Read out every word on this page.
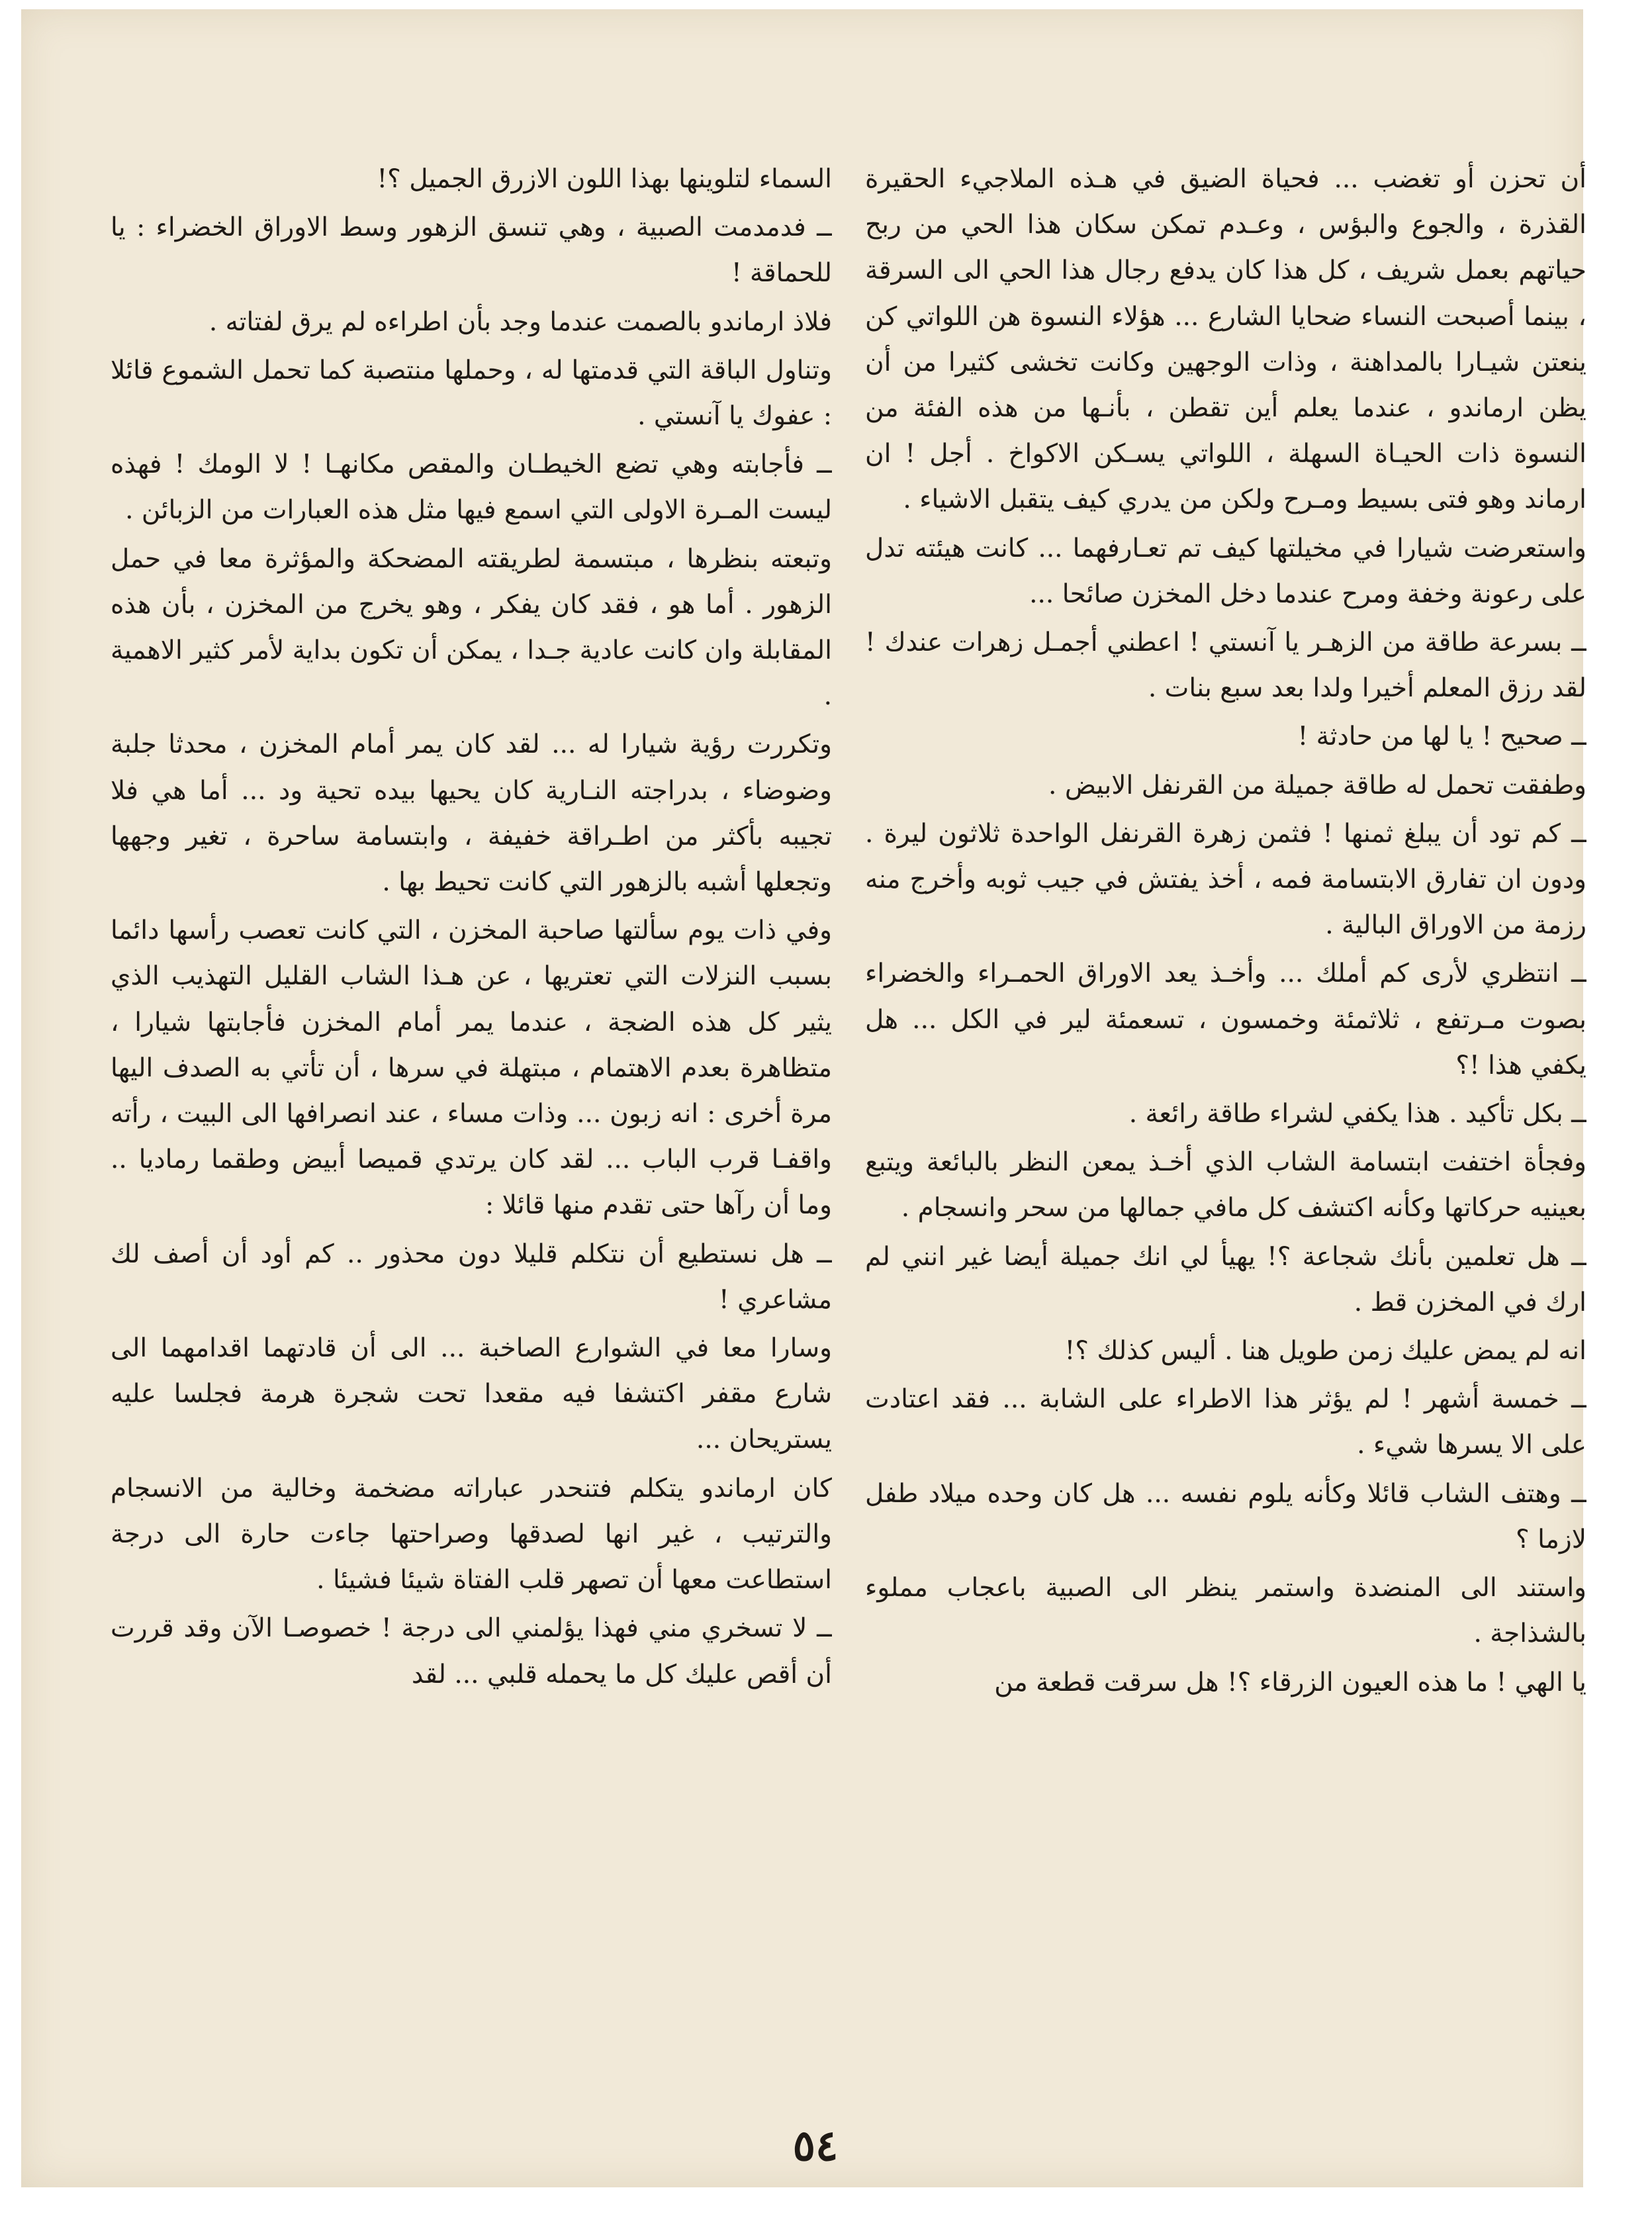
أن تحزن أو تغضب ... فحياة الضيق في هـذه الملاجيء الحقيرة القذرة ، والجوع والبؤس ، وعـدم تمكن سكان هذا الحي من ربح حياتهم بعمل شريف ، كل هذا كان يدفع رجال هذا الحي الى السرقة ، بينما أصبحت النساء ضحايا الشارع ... هؤلاء النسوة هن اللواتي كن ينعتن شيـارا بالمداهنة ، وذات الوجهين وكانت تخشى كثيرا من أن يظن ارماندو ، عندما يعلم أين تقطن ، بأنـها من هذه الفئة من النسوة ذات الحيـاة السهلة ، اللواتي يسـكن الاكواخ . أجل ! ان ارماند وهو فتى بسيط ومـرح ولكن من يدري كيف يتقبل الاشياء .

واستعرضت شيارا في مخيلتها كيف تم تعـارفهما ... كانت هيئته تدل على رعونة وخفة ومرح عندما دخل المخزن صائحا ...

ــ بسرعة طاقة من الزهـر يا آنستي ! اعطني أجمـل زهرات عندك ! لقد رزق المعلم أخيرا ولدا بعد سبع بنات .

ــ صحيح ! يا لها من حادثة !

وطفقت تحمل له طاقة جميلة من القرنفل الابيض .

ــ كم تود أن يبلغ ثمنها ! فثمن زهرة القرنفل الواحدة ثلاثون ليرة . ودون ان تفارق الابتسامة فمه ، أخذ يفتش في جيب ثوبه وأخرج منه رزمة من الاوراق البالية .

ــ انتظري لأرى كم أملك ... وأخـذ يعد الاوراق الحمـراء والخضراء بصوت مـرتفع ، ثلاثمئة وخمسون ، تسعمئة لير في الكل ... هل يكفي هذا !؟

ــ بكل تأكيد . هذا يكفي لشراء طاقة رائعة .

وفجأة اختفت ابتسامة الشاب الذي أخـذ يمعن النظر بالبائعة ويتبع بعينيه حركاتها وكأنه اكتشف كل مافي جمالها من سحر وانسجام .

ــ هل تعلمين بأنك شجاعة ؟! يهيأ لي انك جميلة أيضا غير انني لم ارك في المخزن قط .

انه لم يمض عليك زمن طويل هنا . أليس كذلك ؟!

ــ خمسة أشهر ! لم يؤثر هذا الاطراء على الشابة ... فقد اعتادت على الا يسرها شيء .

ــ وهتف الشاب قائلا وكأنه يلوم نفسه ... هل كان وحده ميلاد طفل لازما ؟

واستند الى المنضدة واستمر ينظر الى الصبية باعجاب مملوء بالشذاجة .

يا الهي ! ما هذه العيون الزرقاء ؟! هل سرقت قطعة من

السماء لتلوينها بهذا اللون الازرق الجميل ؟!

ــ فدمدمت الصبية ، وهي تنسق الزهور وسط الاوراق الخضراء : يا للحماقة !

فلاذ ارماندو بالصمت عندما وجد بأن اطراءه لم يرق لفتاته .

وتناول الباقة التي قدمتها له ، وحملها منتصبة كما تحمل الشموع قائلا : عفوك يا آنستي .

ــ فأجابته وهي تضع الخيطـان والمقص مكانهـا ! لا الومك ! فهذه ليست المـرة الاولى التي اسمع فيها مثل هذه العبارات من الزبائن .

وتبعته بنظرها ، مبتسمة لطريقته المضحكة والمؤثرة معا في حمل الزهور . أما هو ، فقد كان يفكر ، وهو يخرج من المخزن ، بأن هذه المقابلة وان كانت عادية جـدا ، يمكن أن تكون بداية لأمر كثير الاهمية .

وتكررت رؤية شيارا له ... لقد كان يمر أمام المخزن ، محدثا جلبة وضوضاء ، بدراجته النـارية كان يحيها بيده تحية ود ... أما هي فلا تجيبه بأكثر من اطـراقة خفيفة ، وابتسامة ساحرة ، تغير وجهها وتجعلها أشبه بالزهور التي كانت تحيط بها .

وفي ذات يوم سألتها صاحبة المخزن ، التي كانت تعصب رأسها دائما بسبب النزلات التي تعتريها ، عن هـذا الشاب القليل التهذيب الذي يثير كل هذه الضجة ، عندما يمر أمام المخزن فأجابتها شيارا ، متظاهرة بعدم الاهتمام ، مبتهلة في سرها ، أن تأتي به الصدف اليها مرة أخرى : انه زبون ... وذات مساء ، عند انصرافها الى البيت ، رأته واقفـا قرب الباب ... لقد كان يرتدي قميصا أبيض وطقما رماديا .. وما أن رآها حتى تقدم منها قائلا :

ــ هل نستطيع أن نتكلم قليلا دون محذور .. كم أود أن أصف لك مشاعري !

وسارا معا في الشوارع الصاخبة ... الى أن قادتهما اقدامهما الى شارع مقفر اكتشفا فيه مقعدا تحت شجرة هرمة فجلسا عليه يستريحان ...

كان ارماندو يتكلم فتنحدر عباراته مضخمة وخالية من الانسجام والترتيب ، غير انها لصدقها وصراحتها جاءت حارة الى درجة استطاعت معها أن تصهر قلب الفتاة شيئا فشيئا .

ــ لا تسخري مني فهذا يؤلمني الى درجة ! خصوصـا الآن وقد قررت أن أقص عليك كل ما يحمله قلبي ... لقد

٥٤
